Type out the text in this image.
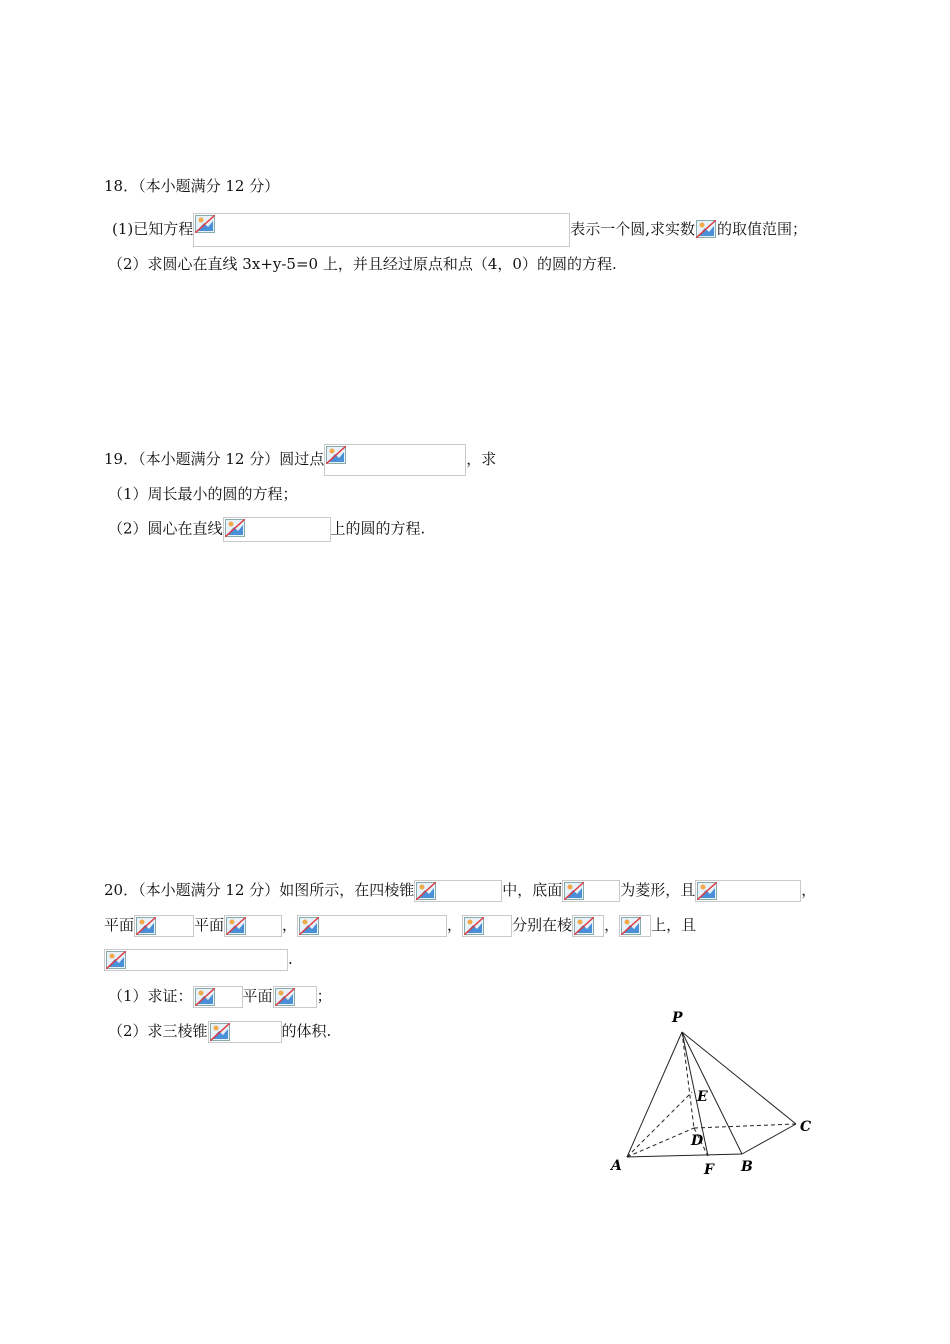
18．（本小题满分 12 分）
(1)已知方程	表示一个圆,求实数 的取值范围；
（2）求圆心在直线 3x+y-5=0 上，并且经过原点和点（4，0）的圆的方程.
19．（本小题满分 12 分）圆过点	，求
（1）周长最小的圆的方程；
（2）圆心在直线	上的圆的方程.
20．（本小题满分 12 分）如图所示，在四棱锥	中，底面	为菱形，且	，
平面	平面	，	，	分别在棱 ， 上，且
.
（1）求证：	平面	；
（2）求三棱锥	的体积.
P
E
C
D
A	F B
